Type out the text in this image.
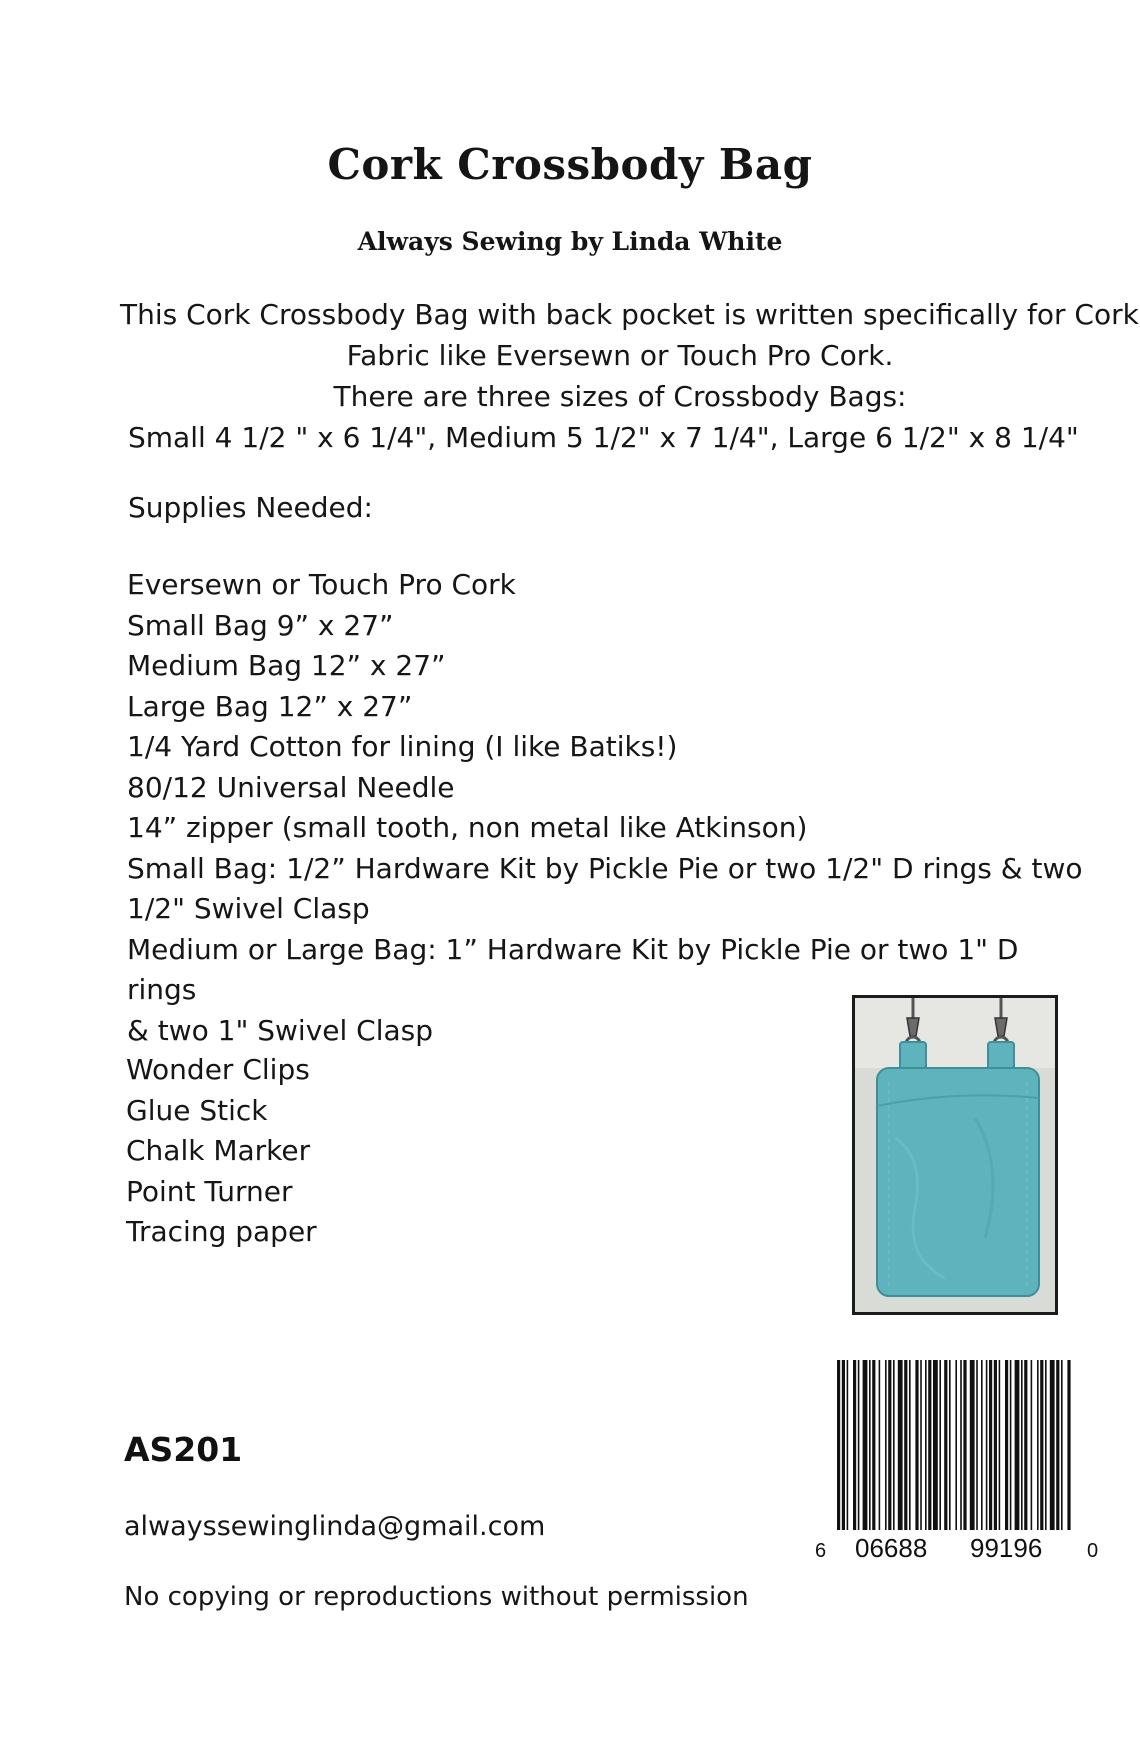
Cork Crossbody Bag
Always Sewing by Linda White
This Cork Crossbody Bag with back pocket is written specifically for Cork
Fabric like Eversewn or Touch Pro Cork.
There are three sizes of Crossbody Bags:
Small 4 1/2 " x 6 1/4", Medium 5 1/2" x 7 1/4", Large 6 1/2" x 8 1/4"
Supplies Needed:
Eversewn or Touch Pro Cork
Small Bag 9” x 27”
Medium Bag 12” x 27”
Large Bag 12” x 27”
1/4 Yard Cotton for lining (I like Batiks!)
80/12 Universal Needle
14” zipper (small tooth, non metal like Atkinson)
Small Bag: 1/2” Hardware Kit by Pickle Pie or two 1/2" D rings & two
1/2" Swivel Clasp
Medium or Large Bag: 1” Hardware Kit by Pickle Pie or two 1" D rings
& two 1" Swivel Clasp
Wonder Clips
Glue Stick
Chalk Marker
Point Turner
Tracing paper
6 06688 99196 0
AS201
alwayssewinglinda@gmail.com
No copying or reproductions without permission
